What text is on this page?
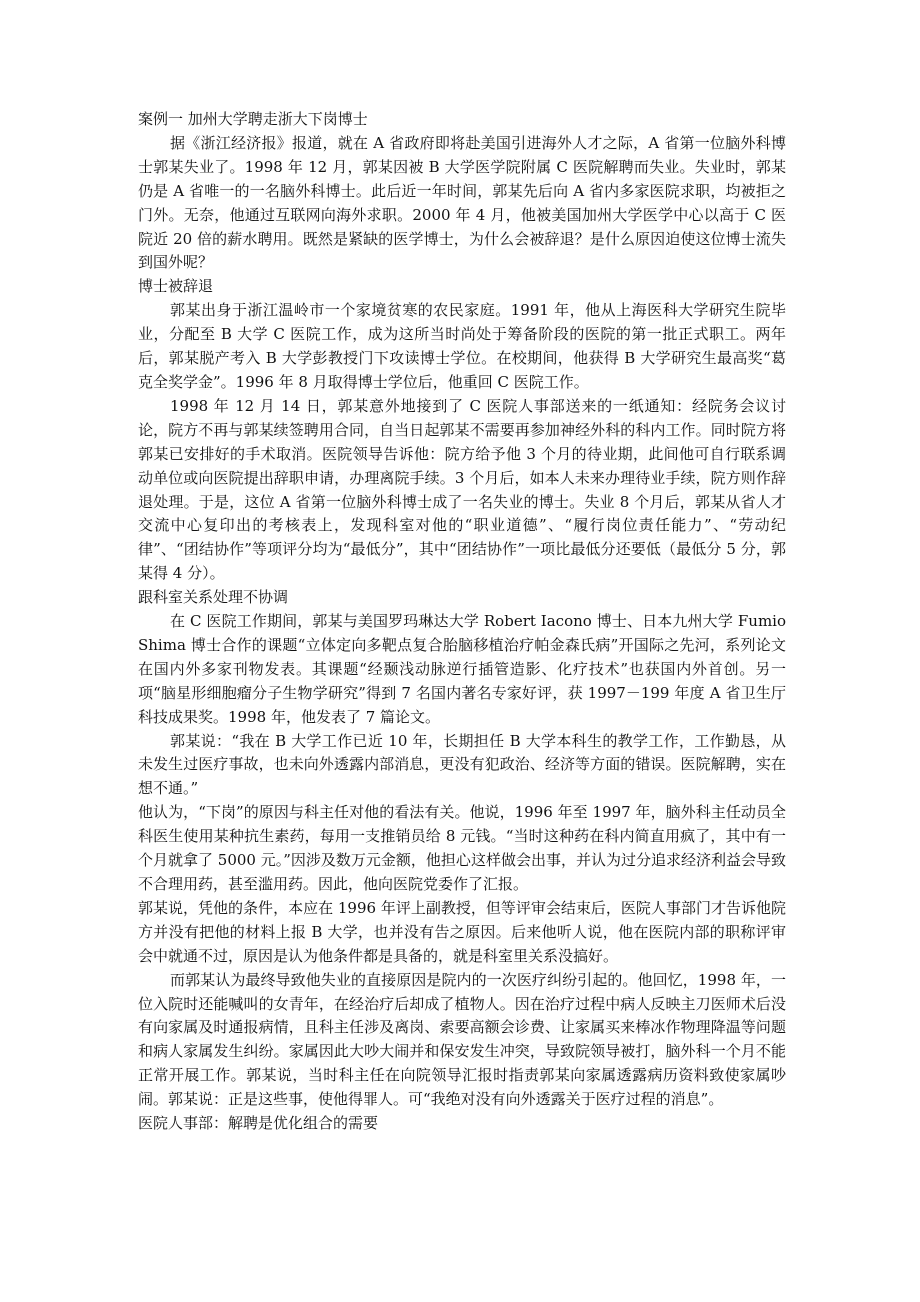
案例一 加州大学聘走浙大下岗博士

据《浙江经济报》报道，就在 A 省政府即将赴美国引进海外人才之际，A 省第一位脑外科博士郭某失业了。1998 年 12 月，郭某因被 B 大学医学院附属 C 医院解聘而失业。失业时，郭某仍是 A 省唯一的一名脑外科博士。此后近一年时间，郭某先后向 A 省内多家医院求职，均被拒之门外。无奈，他通过互联网向海外求职。2000 年 4 月，他被美国加州大学医学中心以高于 C 医院近 20 倍的薪水聘用。既然是紧缺的医学博士，为什么会被辞退？是什么原因迫使这位博士流失到国外呢？

博士被辞退

郭某出身于浙江温岭市一个家境贫寒的农民家庭。1991 年，他从上海医科大学研究生院毕业，分配至 B 大学 C 医院工作，成为这所当时尚处于筹备阶段的医院的第一批正式职工。两年后，郭某脱产考入 B 大学彭教授门下攻读博士学位。在校期间，他获得 B 大学研究生最高奖“葛克全奖学金”。1996 年 8 月取得博士学位后，他重回 C 医院工作。

1998 年 12 月 14 日，郭某意外地接到了 C 医院人事部送来的一纸通知：经院务会议讨论，院方不再与郭某续签聘用合同，自当日起郭某不需要再参加神经外科的科内工作。同时院方将郭某已安排好的手术取消。医院领导告诉他：院方给予他 3 个月的待业期，此间他可自行联系调动单位或向医院提出辞职申请，办理离院手续。3 个月后，如本人未来办理待业手续，院方则作辞退处理。于是，这位 A 省第一位脑外科博士成了一名失业的博士。失业 8 个月后，郭某从省人才交流中心复印出的考核表上，发现科室对他的“职业道德”、“履行岗位责任能力”、“劳动纪律”、“团结协作”等项评分均为“最低分”，其中“团结协作”一项比最低分还要低（最低分 5 分，郭某得 4 分）。

跟科室关系处理不协调

在 C 医院工作期间，郭某与美国罗玛琳达大学 Robert Iacono 博士、日本九州大学 Fumio Shima 博士合作的课题“立体定向多靶点复合胎脑移植治疗帕金森氏病”开国际之先河，系列论文在国内外多家刊物发表。其课题“经颞浅动脉逆行插管造影、化疗技术”也获国内外首创。另一项“脑星形细胞瘤分子生物学研究”得到 7 名国内著名专家好评，获 1997－199 年度 A 省卫生厅科技成果奖。1998 年，他发表了 7 篇论文。

郭某说：“我在 B 大学工作已近 10 年，长期担任 B 大学本科生的教学工作，工作勤恳，从未发生过医疗事故，也未向外透露内部消息，更没有犯政治、经济等方面的错误。医院解聘，实在想不通。”

他认为，“下岗”的原因与科主任对他的看法有关。他说，1996 年至 1997 年，脑外科主任动员全科医生使用某种抗生素药，每用一支推销员给 8 元钱。“当时这种药在科内简直用疯了，其中有一个月就拿了 5000 元。”因涉及数万元金额，他担心这样做会出事，并认为过分追求经济利益会导致不合理用药，甚至滥用药。因此，他向医院党委作了汇报。

郭某说，凭他的条件，本应在 1996 年评上副教授，但等评审会结束后，医院人事部门才告诉他院方并没有把他的材料上报 B 大学，也并没有告之原因。后来他听人说，他在医院内部的职称评审会中就通不过，原因是认为他条件都是具备的，就是科室里关系没搞好。

而郭某认为最终导致他失业的直接原因是院内的一次医疗纠纷引起的。他回忆，1998 年，一位入院时还能喊叫的女青年，在经治疗后却成了植物人。因在治疗过程中病人反映主刀医师术后没有向家属及时通报病情，且科主任涉及离岗、索要高额会诊费、让家属买来棒冰作物理降温等问题和病人家属发生纠纷。家属因此大吵大闹并和保安发生冲突，导致院领导被打，脑外科一个月不能正常开展工作。郭某说，当时科主任在向院领导汇报时指责郭某向家属透露病历资料致使家属吵闹。郭某说：正是这些事，使他得罪人。可“我绝对没有向外透露关于医疗过程的消息”。

医院人事部：解聘是优化组合的需要
